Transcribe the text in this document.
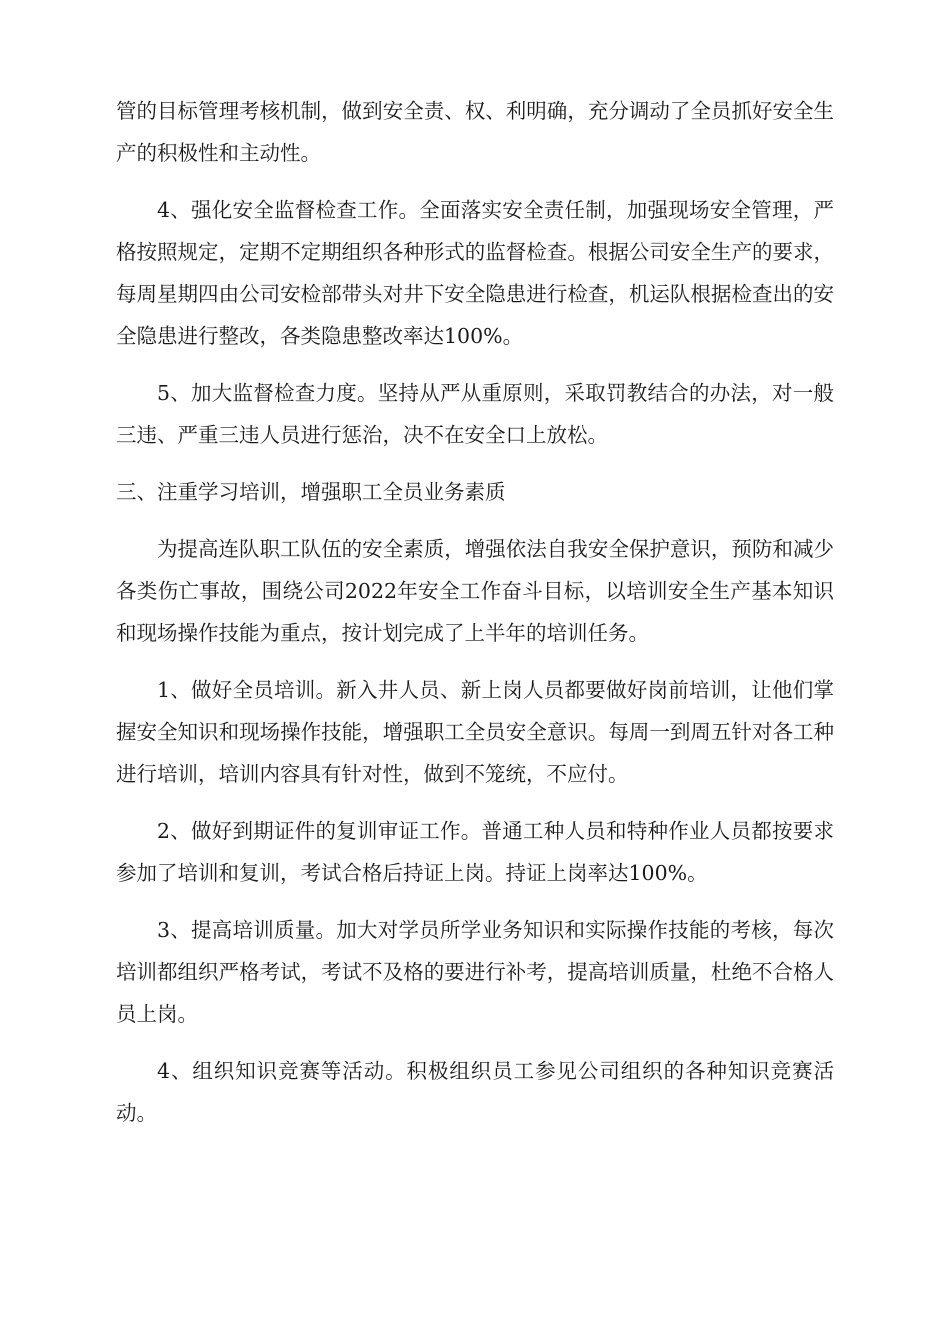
管的目标管理考核机制，做到安全责、权、利明确，充分调动了全员抓好安全生产的积极性和主动性。

4、强化安全监督检查工作。全面落实安全责任制，加强现场安全管理，严格按照规定，定期不定期组织各种形式的监督检查。根据公司安全生产的要求，每周星期四由公司安检部带头对井下安全隐患进行检查，机运队根据检查出的安全隐患进行整改，各类隐患整改率达100%。

5、加大监督检查力度。坚持从严从重原则，采取罚教结合的办法，对一般三违、严重三违人员进行惩治，决不在安全口上放松。

三、注重学习培训，增强职工全员业务素质

为提高连队职工队伍的安全素质，增强依法自我安全保护意识，预防和减少各类伤亡事故，围绕公司2022年安全工作奋斗目标，以培训安全生产基本知识和现场操作技能为重点，按计划完成了上半年的培训任务。

1、做好全员培训。新入井人员、新上岗人员都要做好岗前培训，让他们掌握安全知识和现场操作技能，增强职工全员安全意识。每周一到周五针对各工种进行培训，培训内容具有针对性，做到不笼统，不应付。

2、做好到期证件的复训审证工作。普通工种人员和特种作业人员都按要求参加了培训和复训，考试合格后持证上岗。持证上岗率达100%。

3、提高培训质量。加大对学员所学业务知识和实际操作技能的考核，每次培训都组织严格考试，考试不及格的要进行补考，提高培训质量，杜绝不合格人员上岗。

4、组织知识竞赛等活动。积极组织员工参见公司组织的各种知识竞赛活动。
